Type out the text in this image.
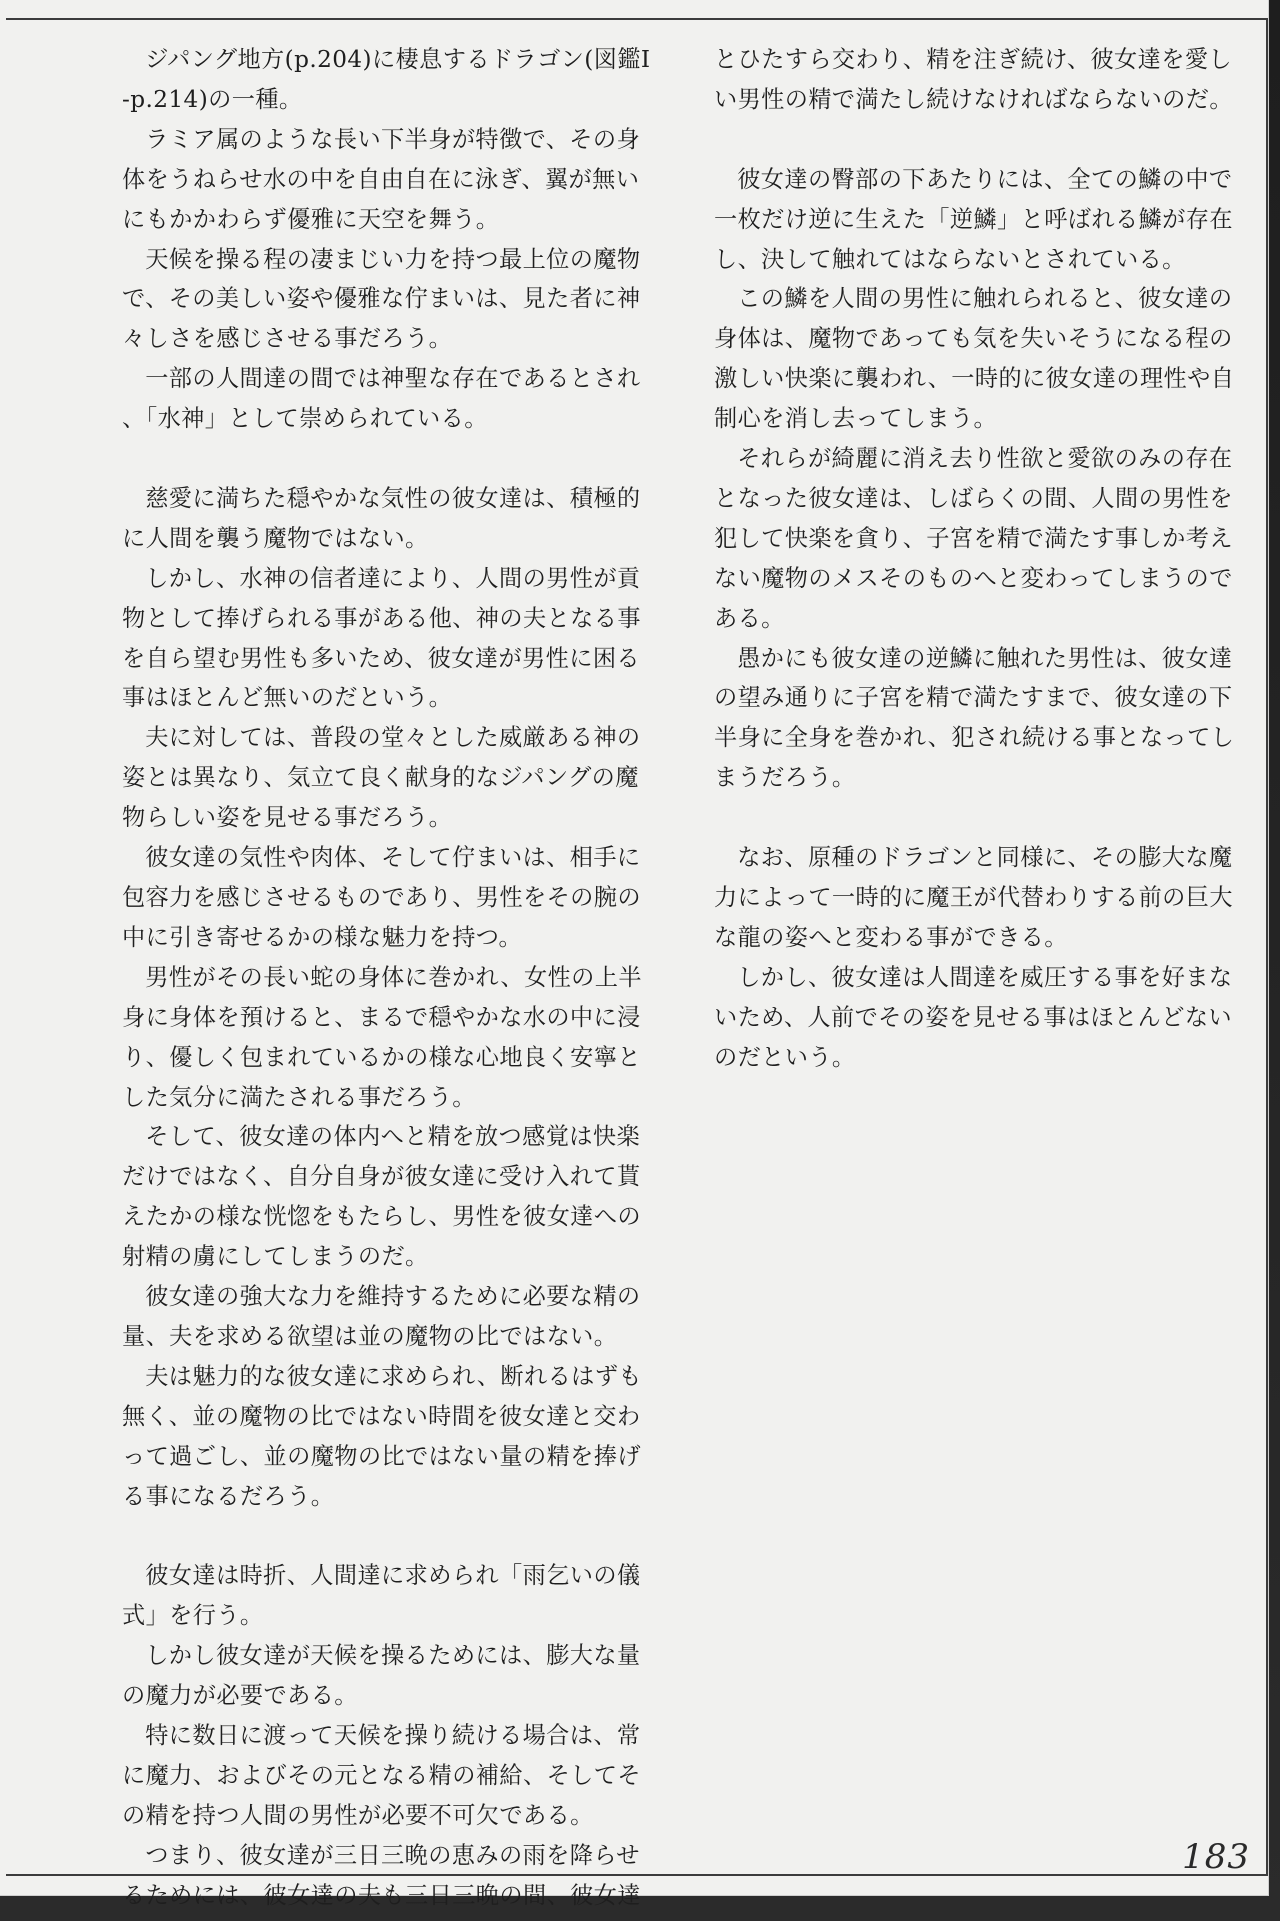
ジパング地方(p.204)に棲息するドラゴン(図鑑Ⅰ-p.214)の一種。

ラミア属のような長い下半身が特徴で、その身体をうねらせ水の中を自由自在に泳ぎ、翼が無いにもかかわらず優雅に天空を舞う。

天候を操る程の凄まじい力を持つ最上位の魔物で、その美しい姿や優雅な佇まいは、見た者に神々しさを感じさせる事だろう。

一部の人間達の間では神聖な存在であるとされ、「水神」として崇められている。

慈愛に満ちた穏やかな気性の彼女達は、積極的に人間を襲う魔物ではない。

しかし、水神の信者達により、人間の男性が貢物として捧げられる事がある他、神の夫となる事を自ら望む男性も多いため、彼女達が男性に困る事はほとんど無いのだという。

夫に対しては、普段の堂々とした威厳ある神の姿とは異なり、気立て良く献身的なジパングの魔物らしい姿を見せる事だろう。

彼女達の気性や肉体、そして佇まいは、相手に包容力を感じさせるものであり、男性をその腕の中に引き寄せるかの様な魅力を持つ。

男性がその長い蛇の身体に巻かれ、女性の上半身に身体を預けると、まるで穏やかな水の中に浸り、優しく包まれているかの様な心地良く安寧とした気分に満たされる事だろう。

そして、彼女達の体内へと精を放つ感覚は快楽だけではなく、自分自身が彼女達に受け入れて貰えたかの様な恍惚をもたらし、男性を彼女達への射精の虜にしてしまうのだ。

彼女達の強大な力を維持するために必要な精の量、夫を求める欲望は並の魔物の比ではない。

夫は魅力的な彼女達に求められ、断れるはずも無く、並の魔物の比ではない時間を彼女達と交わって過ごし、並の魔物の比ではない量の精を捧げる事になるだろう。

彼女達は時折、人間達に求められ「雨乞いの儀式」を行う。

しかし彼女達が天候を操るためには、膨大な量の魔力が必要である。

特に数日に渡って天候を操り続ける場合は、常に魔力、およびその元となる精の補給、そしてその精を持つ人間の男性が必要不可欠である。

つまり、彼女達が三日三晩の恵みの雨を降らせるためには、彼女達の夫も三日三晩の間、彼女達

とひたすら交わり、精を注ぎ続け、彼女達を愛しい男性の精で満たし続けなければならないのだ。

彼女達の臀部の下あたりには、全ての鱗の中で一枚だけ逆に生えた「逆鱗」と呼ばれる鱗が存在し、決して触れてはならないとされている。

この鱗を人間の男性に触れられると、彼女達の身体は、魔物であっても気を失いそうになる程の激しい快楽に襲われ、一時的に彼女達の理性や自制心を消し去ってしまう。

それらが綺麗に消え去り性欲と愛欲のみの存在となった彼女達は、しばらくの間、人間の男性を犯して快楽を貪り、子宮を精で満たす事しか考えない魔物のメスそのものへと変わってしまうのである。

愚かにも彼女達の逆鱗に触れた男性は、彼女達の望み通りに子宮を精で満たすまで、彼女達の下半身に全身を巻かれ、犯され続ける事となってしまうだろう。

なお、原種のドラゴンと同様に、その膨大な魔力によって一時的に魔王が代替わりする前の巨大な龍の姿へと変わる事ができる。

しかし、彼女達は人間達を威圧する事を好まないため、人前でその姿を見せる事はほとんどないのだという。

183
